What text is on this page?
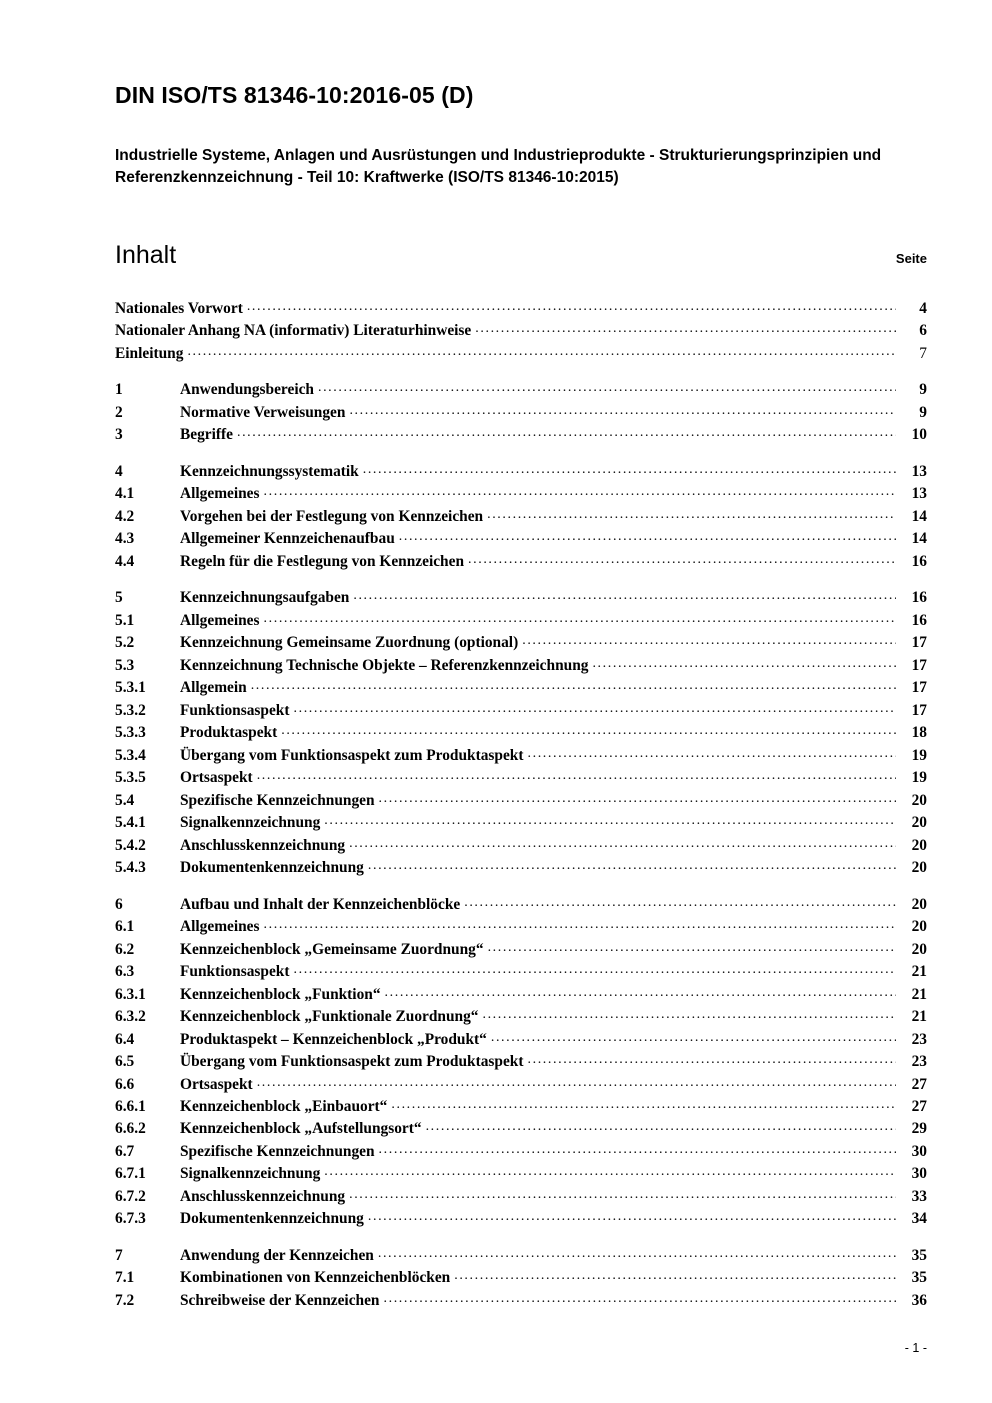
DIN ISO/TS 81346-10:2016-05 (D)
Industrielle Systeme, Anlagen und Ausrüstungen und Industrieprodukte - Strukturierungsprinzipien und Referenzkennzeichnung - Teil 10: Kraftwerke (ISO/TS 81346-10:2015)
Inhalt	Seite
Nationales Vorwort .....	4
Nationaler Anhang NA (informativ) Literaturhinweise .....	6
Einleitung .....	7
1	Anwendungsbereich .....	9
2	Normative Verweisungen .....	9
3	Begriffe .....	10
4	Kennzeichnungssystematik .....	13
4.1	Allgemeines .....	13
4.2	Vorgehen bei der Festlegung von Kennzeichen .....	14
4.3	Allgemeiner Kennzeichenaufbau .....	14
4.4	Regeln für die Festlegung von Kennzeichen .....	16
5	Kennzeichnungsaufgaben .....	16
5.1	Allgemeines .....	16
5.2	Kennzeichnung Gemeinsame Zuordnung (optional) .....	17
5.3	Kennzeichnung Technische Objekte – Referenzkennzeichnung .....	17
5.3.1	Allgemein .....	17
5.3.2	Funktionsaspekt .....	17
5.3.3	Produktaspekt .....	18
5.3.4	Übergang vom Funktionsaspekt zum Produktaspekt .....	19
5.3.5	Ortsaspekt .....	19
5.4	Spezifische Kennzeichnungen .....	20
5.4.1	Signalkennzeichnung .....	20
5.4.2	Anschlusskennzeichnung .....	20
5.4.3	Dokumentenkennzeichnung .....	20
6	Aufbau und Inhalt der Kennzeichenblöcke .....	20
6.1	Allgemeines .....	20
6.2	Kennzeichenblock „Gemeinsame Zuordnung“ .....	20
6.3	Funktionsaspekt .....	21
6.3.1	Kennzeichenblock „Funktion“ .....	21
6.3.2	Kennzeichenblock „Funktionale Zuordnung“ .....	21
6.4	Produktaspekt – Kennzeichenblock „Produkt“ .....	23
6.5	Übergang vom Funktionsaspekt zum Produktaspekt .....	23
6.6	Ortsaspekt .....	27
6.6.1	Kennzeichenblock „Einbauort“ .....	27
6.6.2	Kennzeichenblock „Aufstellungsort“ .....	29
6.7	Spezifische Kennzeichnungen .....	30
6.7.1	Signalkennzeichnung .....	30
6.7.2	Anschlusskennzeichnung .....	33
6.7.3	Dokumentenkennzeichnung .....	34
7	Anwendung der Kennzeichen .....	35
7.1	Kombinationen von Kennzeichenblöcken .....	35
7.2	Schreibweise der Kennzeichen .....	36
- 1 -
